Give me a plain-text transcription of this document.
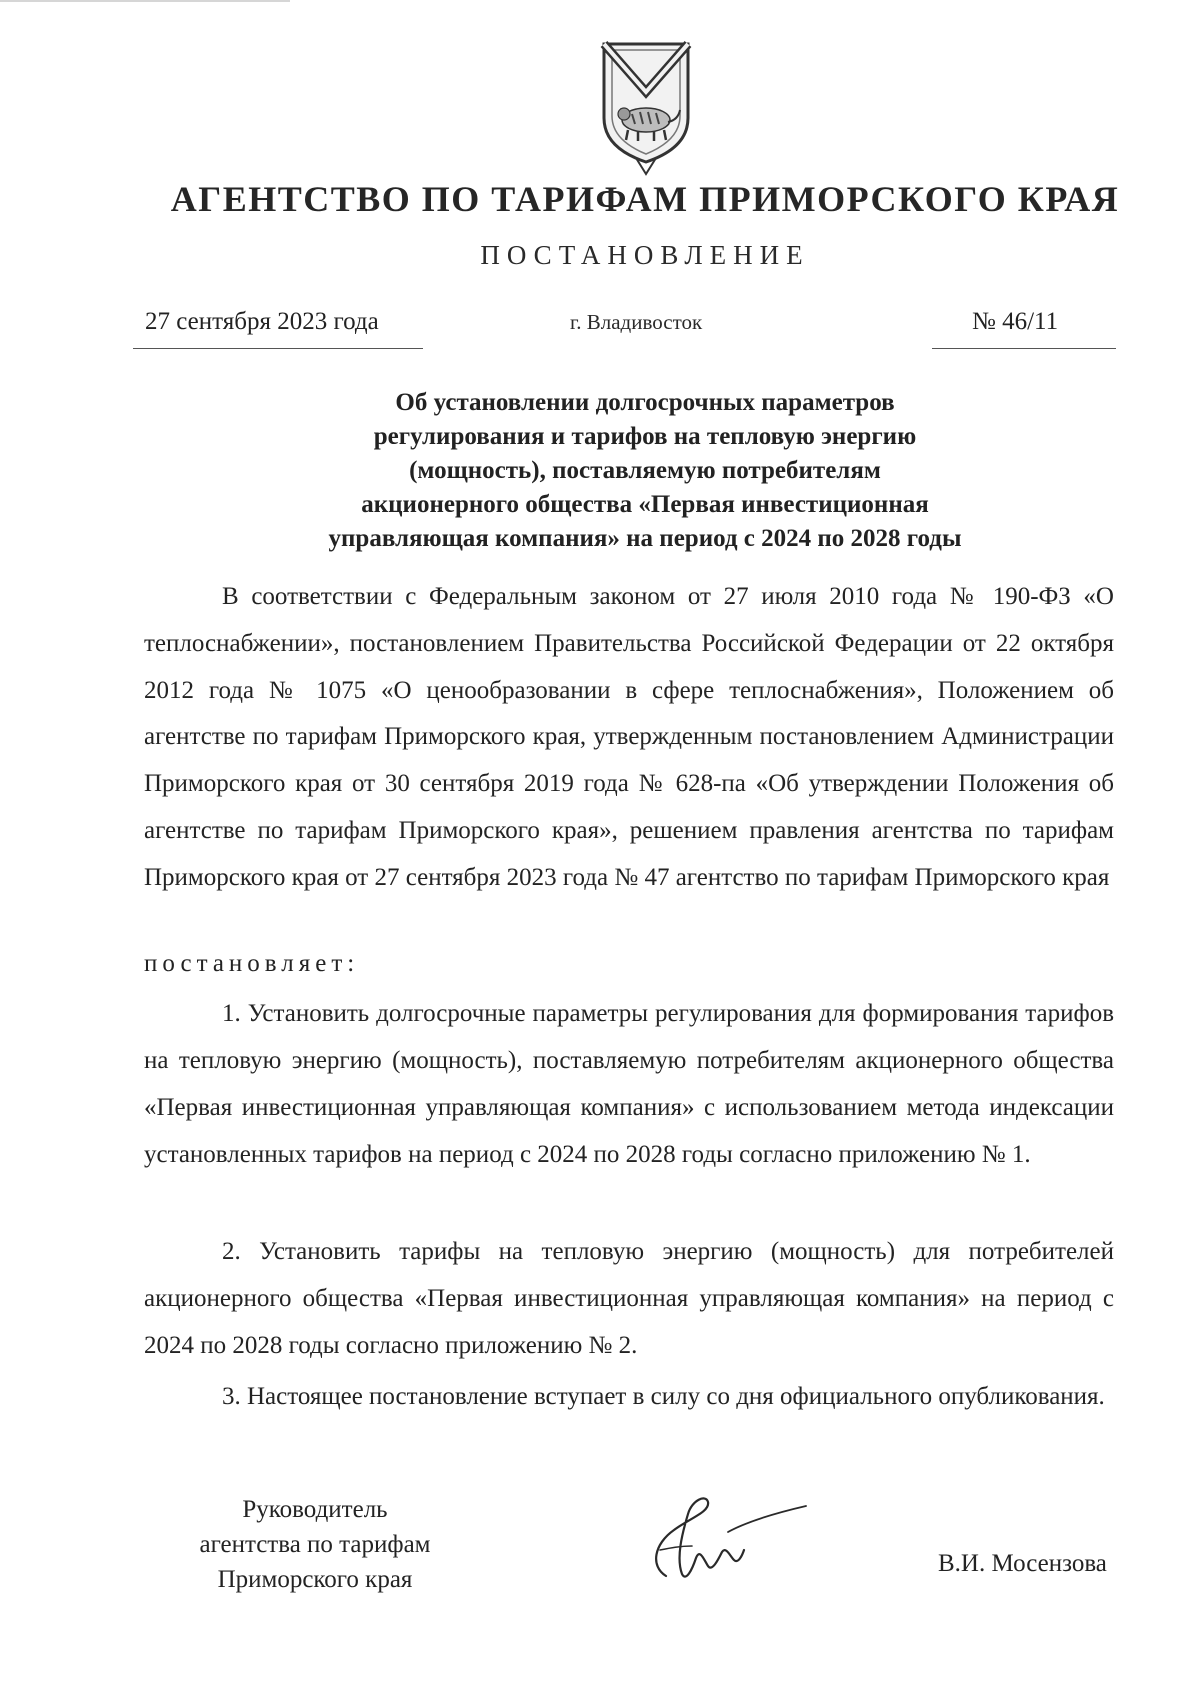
АГЕНТСТВО ПО ТАРИФАМ ПРИМОРСКОГО КРАЯ
ПОСТАНОВЛЕНИЕ
27 сентября 2023 года	г. Владивосток	№ 46/11
Об установлении долгосрочных параметров
регулирования и тарифов на тепловую энергию
(мощность), поставляемую потребителям
акционерного общества «Первая инвестиционная
управляющая компания» на период с 2024 по 2028 годы
В соответствии с Федеральным законом от 27 июля 2010 года № 190-ФЗ «О теплоснабжении», постановлением Правительства Российской Федерации от 22 октября 2012 года № 1075 «О ценообразовании в сфере теплоснабжения», Положением об агентстве по тарифам Приморского края, утвержденным постановлением Администрации Приморского края от 30 сентября 2019 года № 628-па «Об утверждении Положения об агентстве по тарифам Приморского края», решением правления агентства по тарифам Приморского края от 27 сентября 2023 года № 47 агентство по тарифам Приморского края
постановляет:
1. Установить долгосрочные параметры регулирования для формирования тарифов на тепловую энергию (мощность), поставляемую потребителям акционерного общества «Первая инвестиционная управляющая компания» с использованием метода индексации установленных тарифов на период с 2024 по 2028 годы согласно приложению № 1.
2. Установить тарифы на тепловую энергию (мощность) для потребителей акционерного общества «Первая инвестиционная управляющая компания» на период с 2024 по 2028 годы согласно приложению № 2.
3. Настоящее постановление вступает в силу со дня официального опубликования.
Руководитель
агентства по тарифам
Приморского края
В.И. Мосензова
